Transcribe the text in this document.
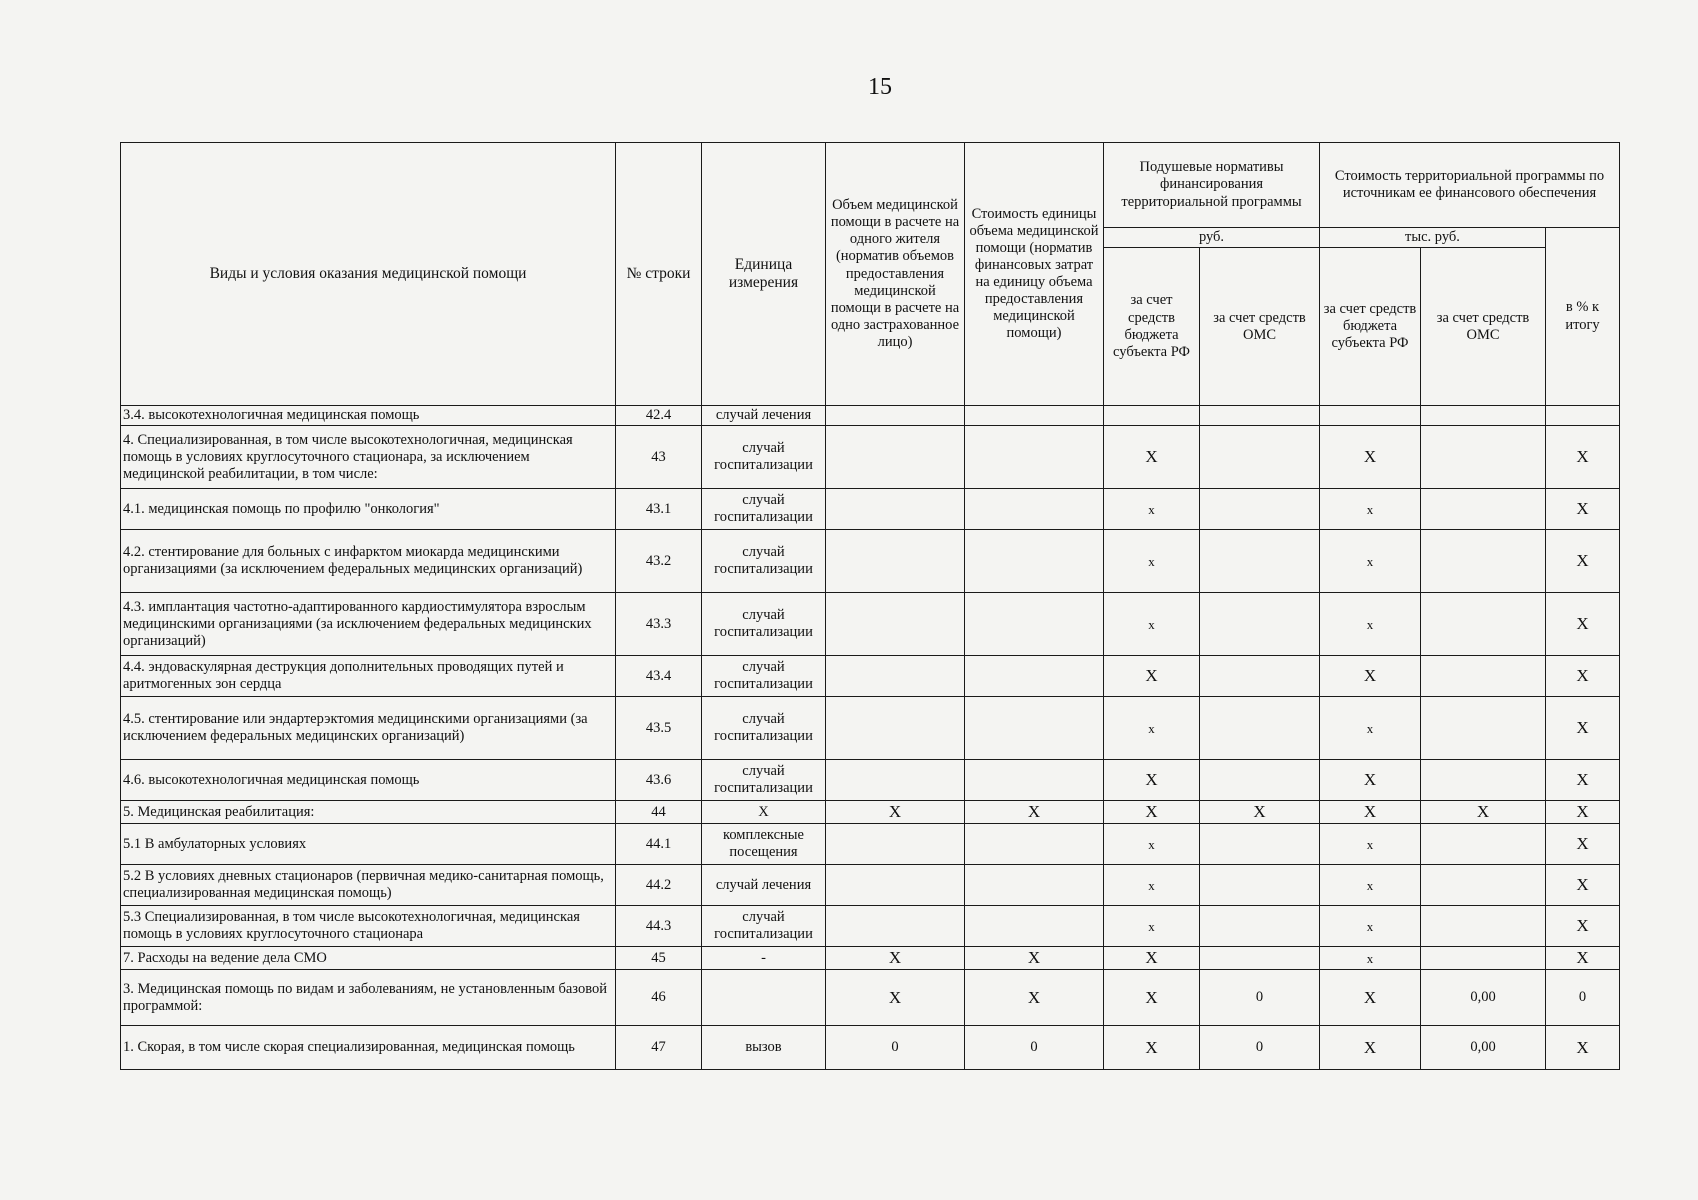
15
Виды и условия оказания медицинской помощи	№ строки	Единица измерения	Объем медицинской помощи в расчете на одного жителя (норматив объемов предоставления медицинской помощи в расчете на одно застрахованное лицо)	Стоимость единицы объема медицинской помощи (норматив финансовых затрат на единицу объема предоставления медицинской помощи)	Подушевые нормативы финансирования территориальной программы		Стоимость территориальной программы по источникам ее финансового обеспечения		
					руб.		тыс. руб.		в % к итогу
					за счет средств бюджета субъекта РФ	за счет средств ОМС	за счет средств бюджета субъекта РФ	за счет средств ОМС	
3.4. высокотехнологичная медицинская помощь	42.4	случай лечения							
4. Специализированная, в том числе высокотехнологичная, медицинская помощь в условиях круглосуточного стационара, за исключением медицинской реабилитации, в том числе:	43	случай госпитализации			Х		Х		Х
4.1. медицинская помощь по профилю "онкология"	43.1	случай госпитализации			х		х		Х
4.2. стентирование для больных с инфарктом миокарда медицинскими организациями (за исключением федеральных медицинских организаций)	43.2	случай госпитализации			х		х		Х
4.3. имплантация частотно-адаптированного кардиостимулятора взрослым медицинскими организациями (за исключением федеральных медицинских организаций)	43.3	случай госпитализации			х		х		Х
4.4. эндоваскулярная деструкция дополнительных проводящих путей и аритмогенных зон сердца	43.4	случай госпитализации			Х		Х		Х
4.5. стентирование или эндартерэктомия медицинскими организациями (за исключением федеральных медицинских организаций)	43.5	случай госпитализации			х		х		Х
4.6. высокотехнологичная медицинская помощь	43.6	случай госпитализации			Х		Х		Х
5. Медицинская реабилитация:	44	Х	Х	Х	Х	Х	Х	Х	Х
5.1 В амбулаторных условиях	44.1	комплексные посещения			х		х		Х
5.2 В условиях дневных стационаров (первичная медико-санитарная помощь, специализированная медицинская помощь)	44.2	случай лечения			х		х		Х
5.3 Специализированная, в том числе высокотехнологичная, медицинская помощь в условиях круглосуточного стационара	44.3	случай госпитализации			х		х		Х
7. Расходы на ведение дела СМО	45	-	Х	Х	Х		х		Х
3. Медицинская помощь по видам и заболеваниям, не установленным базовой программой:	46		Х	Х	Х	0	Х	0,00	0
1. Скорая, в том числе скорая специализированная, медицинская помощь	47	вызов	0	0	Х	0	Х	0,00	Х
